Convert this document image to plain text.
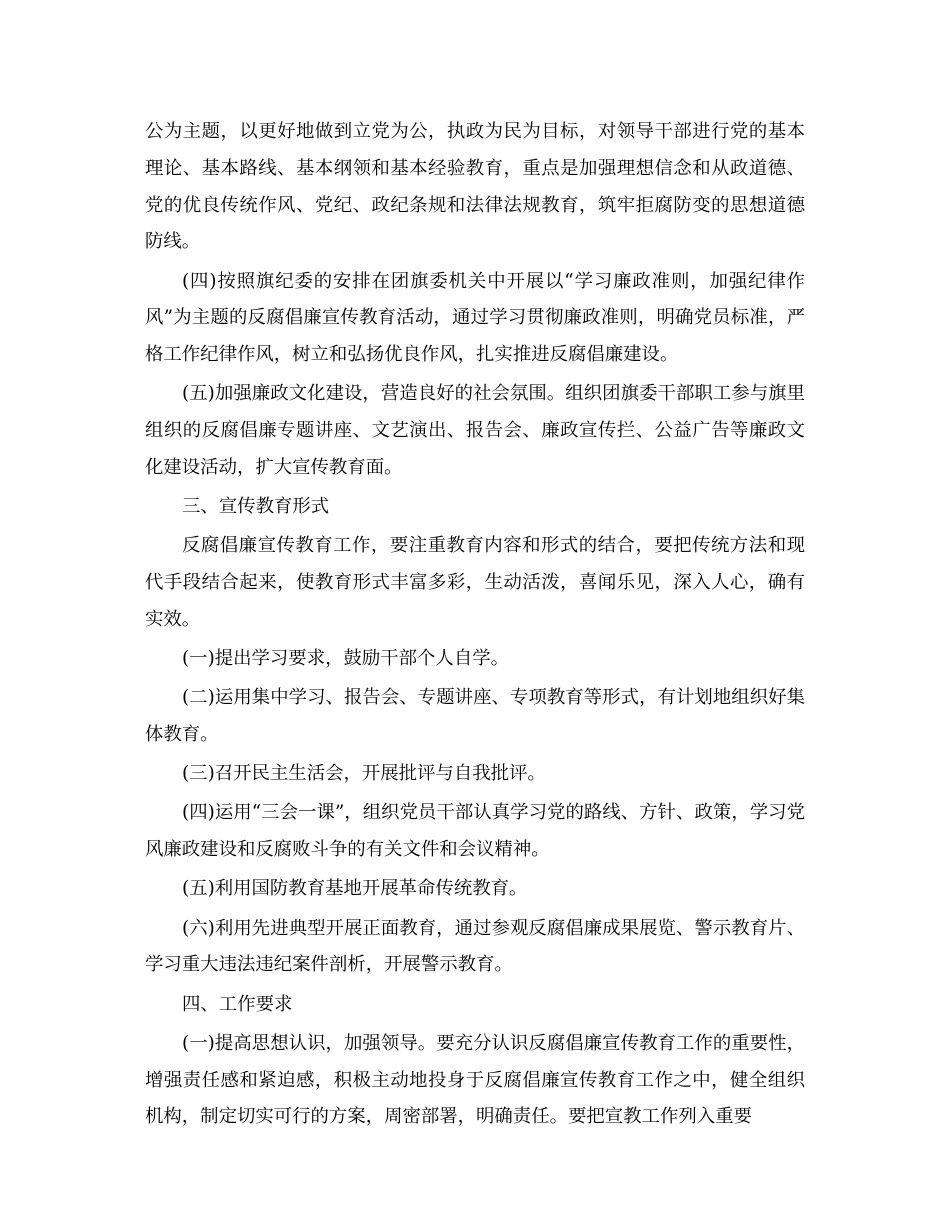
公为主题，以更好地做到立党为公，执政为民为目标，对领导干部进行党的基本理论、基本路线、基本纲领和基本经验教育，重点是加强理想信念和从政道德、党的优良传统作风、党纪、政纪条规和法律法规教育，筑牢拒腐防变的思想道德防线。

(四)按照旗纪委的安排在团旗委机关中开展以“学习廉政准则，加强纪律作风”为主题的反腐倡廉宣传教育活动，通过学习贯彻廉政准则，明确党员标准，严格工作纪律作风，树立和弘扬优良作风，扎实推进反腐倡廉建设。

(五)加强廉政文化建设，营造良好的社会氛围。组织团旗委干部职工参与旗里组织的反腐倡廉专题讲座、文艺演出、报告会、廉政宣传拦、公益广告等廉政文化建设活动，扩大宣传教育面。

三、宣传教育形式

反腐倡廉宣传教育工作，要注重教育内容和形式的结合，要把传统方法和现代手段结合起来，使教育形式丰富多彩，生动活泼，喜闻乐见，深入人心，确有实效。

(一)提出学习要求，鼓励干部个人自学。

(二)运用集中学习、报告会、专题讲座、专项教育等形式，有计划地组织好集体教育。

(三)召开民主生活会，开展批评与自我批评。

(四)运用“三会一课”，组织党员干部认真学习党的路线、方针、政策，学习党风廉政建设和反腐败斗争的有关文件和会议精神。

(五)利用国防教育基地开展革命传统教育。

(六)利用先进典型开展正面教育，通过参观反腐倡廉成果展览、警示教育片、学习重大违法违纪案件剖析，开展警示教育。

四、工作要求

(一)提高思想认识，加强领导。要充分认识反腐倡廉宣传教育工作的重要性，增强责任感和紧迫感，积极主动地投身于反腐倡廉宣传教育工作之中，健全组织机构，制定切实可行的方案，周密部署，明确责任。要把宣教工作列入重要
